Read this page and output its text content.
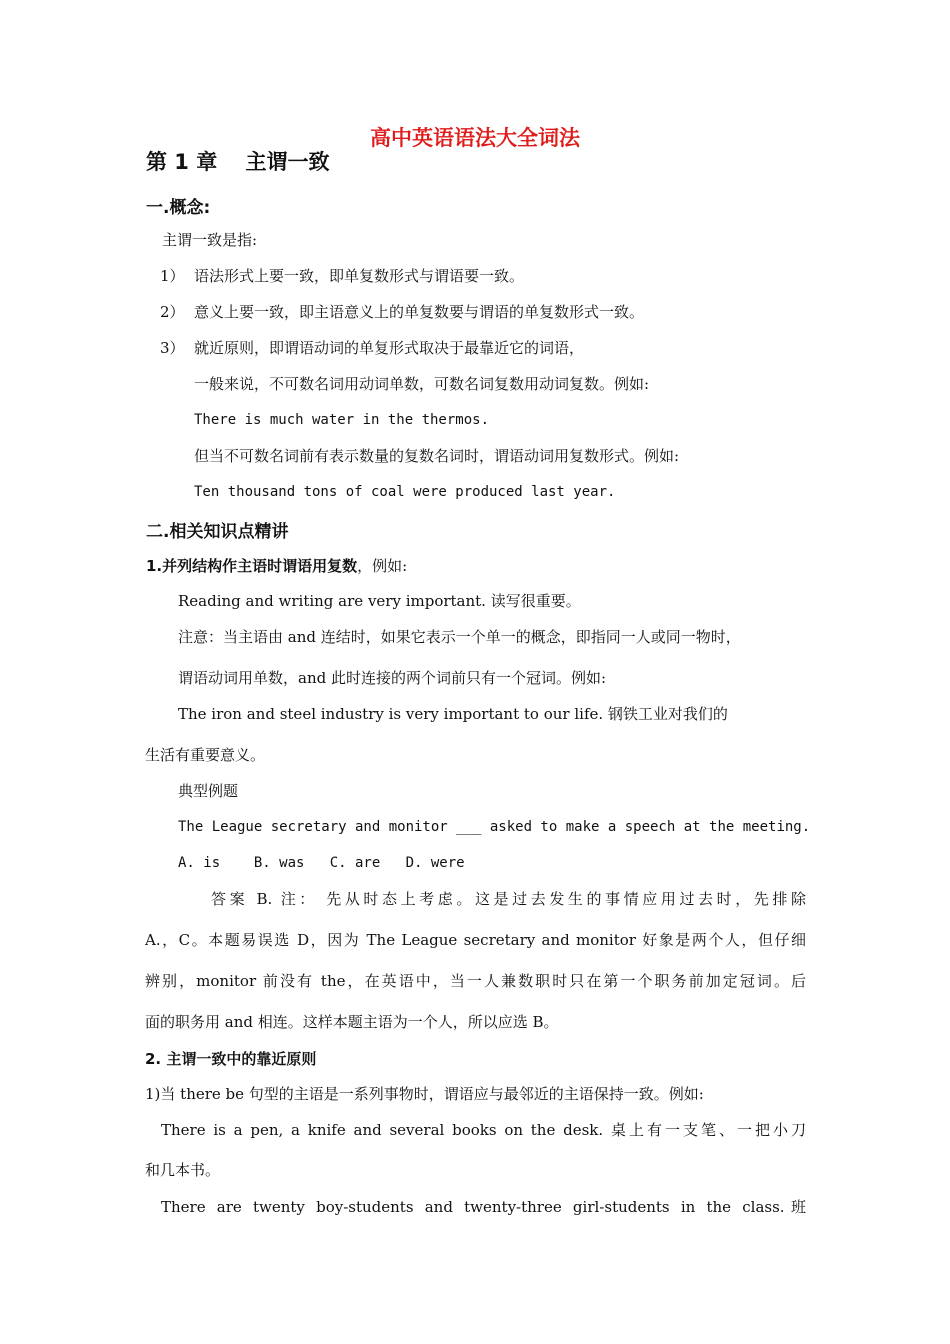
高中英语语法大全词法
第 1 章　 主谓一致
一.概念:
主谓一致是指:
1） 语法形式上要一致，即单复数形式与谓语要一致。
2） 意义上要一致，即主语意义上的单复数要与谓语的单复数形式一致。
3） 就近原则，即谓语动词的单复形式取决于最靠近它的词语，
一般来说，不可数名词用动词单数，可数名词复数用动词复数。例如:
There is much water in the thermos.
但当不可数名词前有表示数量的复数名词时，谓语动词用复数形式。例如:
Ten thousand tons of coal were produced last year.
二.相关知识点精讲
1.并列结构作主语时谓语用复数，例如:
Reading and writing are very important. 读写很重要。
注意：当主语由 and 连结时，如果它表示一个单一的概念，即指同一人或同一物时，
谓语动词用单数，and 此时连接的两个词前只有一个冠词。例如:
The iron and steel industry is very important to our life. 钢铁工业对我们的
生活有重要意义。
典型例题
The League secretary and monitor ___ asked to make a speech at the meeting.
A. is    B. was   C. are   D. were
答案 B. 注： 先从时态上考虑。这是过去发生的事情应用过去时，先排除
A.，C。本题易误选 D，因为 The League secretary and monitor 好象是两个人，但仔细
辨别，monitor 前没有 the，在英语中，当一人兼数职时只在第一个职务前加定冠词。后
面的职务用 and 相连。这样本题主语为一个人，所以应选 B。
2. 主谓一致中的靠近原则
1)当 there be 句型的主语是一系列事物时，谓语应与最邻近的主语保持一致。例如:
There is a pen, a knife and several books on the desk. 桌上有一支笔、一把小刀
和几本书。
There are twenty boy-students and twenty-three girl-students in the class.班
